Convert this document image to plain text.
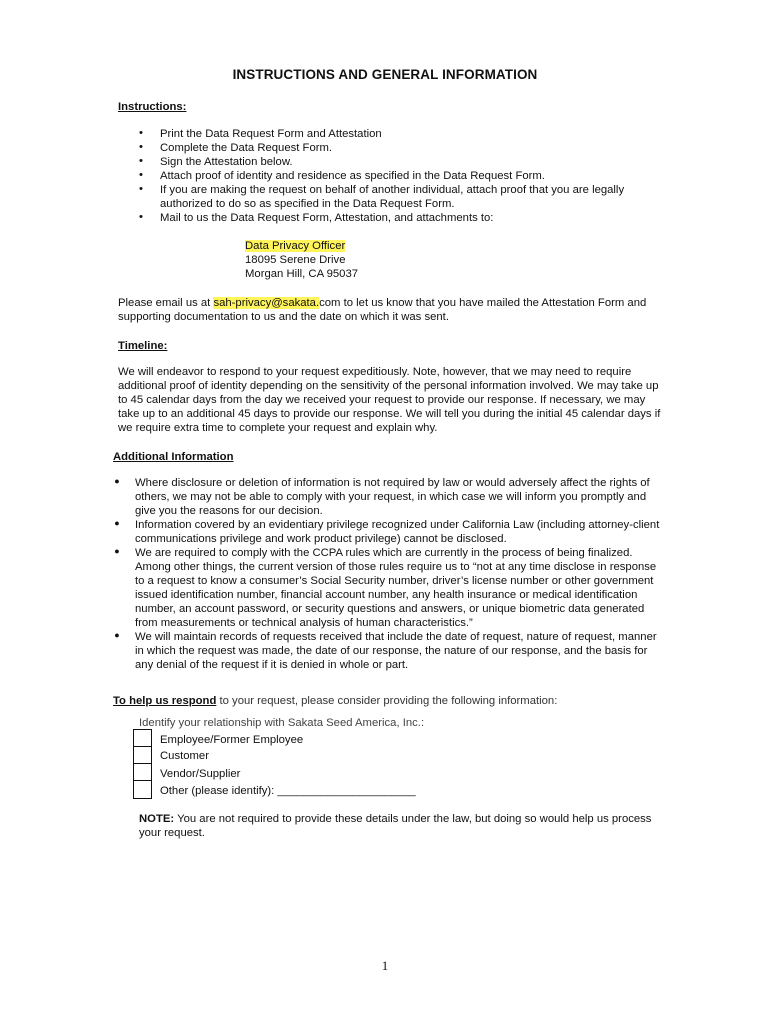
INSTRUCTIONS AND GENERAL INFORMATION
Instructions:
• Print the Data Request Form and Attestation
• Complete the Data Request Form.
• Sign the Attestation below.
• Attach proof of identity and residence as specified in the Data Request Form.
• If you are making the request on behalf of another individual, attach proof that you are legally
authorized to do so as specified in the Data Request Form.
• Mail to us the Data Request Form, Attestation, and attachments to:
Data Privacy Officer
18095 Serene Drive
Morgan Hill, CA 95037
Please email us at sah-privacy@sakata.com to let us know that you have mailed the Attestation Form and
supporting documentation to us and the date on which it was sent.
Timeline:
We will endeavor to respond to your request expeditiously. Note, however, that we may need to require
additional proof of identity depending on the sensitivity of the personal information involved. We may take up
to 45 calendar days from the day we received your request to provide our response. If necessary, we may
take up to an additional 45 days to provide our response. We will tell you during the initial 45 calendar days if
we require extra time to complete your request and explain why.
Additional Information
● Where disclosure or deletion of information is not required by law or would adversely affect the rights of
others, we may not be able to comply with your request, in which case we will inform you promptly and
give you the reasons for our decision.
● Information covered by an evidentiary privilege recognized under California Law (including attorney-client
communications privilege and work product privilege) cannot be disclosed.
● We are required to comply with the CCPA rules which are currently in the process of being finalized.
Among other things, the current version of those rules require us to “not at any time disclose in response
to a request to know a consumer’s Social Security number, driver’s license number or other government
issued identification number, financial account number, any health insurance or medical identification
number, an account password, or security questions and answers, or unique biometric data generated
from measurements or technical analysis of human characteristics.”
● We will maintain records of requests received that include the date of request, nature of request, manner
in which the request was made, the date of our response, the nature of our response, and the basis for
any denial of the request if it is denied in whole or part.
To help us respond to your request, please consider providing the following information:
Identify your relationship with Sakata Seed America, Inc.:
Employee/Former Employee
Customer
Vendor/Supplier
Other (please identify): ______________________
NOTE: You are not required to provide these details under the law, but doing so would help us process
your request.
1
